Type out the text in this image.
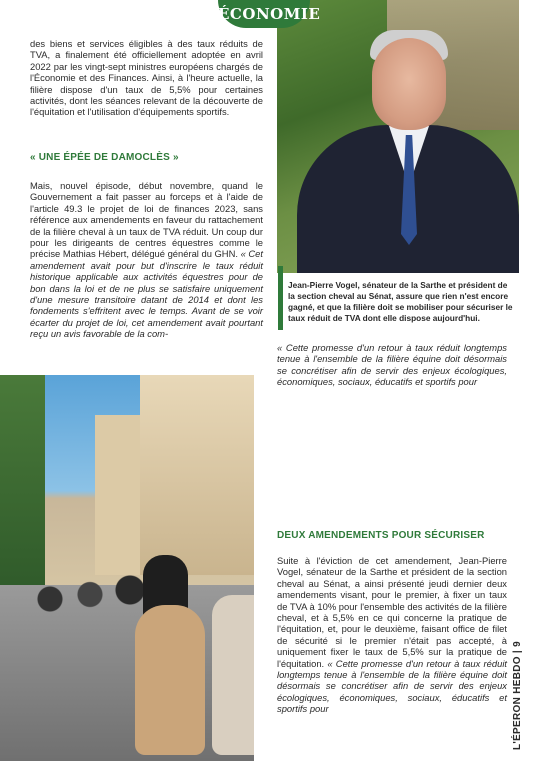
ÉCONOMIE

des biens et services éligibles à des taux réduits de TVA, a finalement été officiellement adoptée en avril 2022 par les vingt-sept ministres européens chargés de l'Économie et des Finances. Ainsi, à l'heure actuelle, la filière dispose d'un taux de 5,5% pour certaines activités, dont les séances relevant de la découverte de l'équitation et l'utilisation d'équipements sportifs.

« UNE ÉPÉE DE DAMOCLÈS »

Mais, nouvel épisode, début novembre, quand le Gouvernement a fait passer au forceps et à l'aide de l'article 49.3 le projet de loi de finances 2023, sans référence aux amendements en faveur du rattachement de la filière cheval à un taux de TVA réduit. Un coup dur pour les dirigeants de centres équestres comme le précise Mathias Hébert, délégué général du GHN. « Cet amendement avait pour but d'inscrire le taux réduit historique applicable aux activités équestres pour de bon dans la loi et de ne plus se satisfaire uniquement d'une mesure transitoire datant de 2014 et dont les fondements s'effritent avec le temps. Avant de se voir écarter du projet de loi, cet amendement avait pourtant reçu un avis favorable de la com-

Jean-Pierre Vogel, sénateur de la Sarthe et président de la section cheval au Sénat, assure que rien n'est encore gagné, et que la filière doit se mobiliser pour sécuriser le taux réduit de TVA dont elle dispose aujourd'hui.

« Cette promesse d'un retour à taux réduit longtemps tenue à l'ensemble de la filière équine doit désormais se concrétiser afin de servir des enjeux écologiques, économiques, sociaux, éducatifs et sportifs pour

DEUX AMENDEMENTS POUR SÉCURISER

Suite à l'éviction de cet amendement, Jean-Pierre Vogel, sénateur de la Sarthe et président de la section cheval au Sénat, a ainsi présenté jeudi dernier deux amendements visant, pour le premier, à fixer un taux de TVA à 10% pour l'ensemble des activités de la filière cheval, et à 5,5% en ce qui concerne la pratique de l'équitation, et, pour le deuxième, faisant office de filet de sécurité si le premier n'était pas accepté, à uniquement fixer le taux de 5,5% sur la pratique de l'équitation. « Cette promesse d'un retour à taux réduit longtemps tenue à l'ensemble de la filière équine doit désormais se concrétiser afin de servir des enjeux écologiques, économiques, sociaux, éducatifs et sportifs pour	L'ÉPERON HEBDO | 9
